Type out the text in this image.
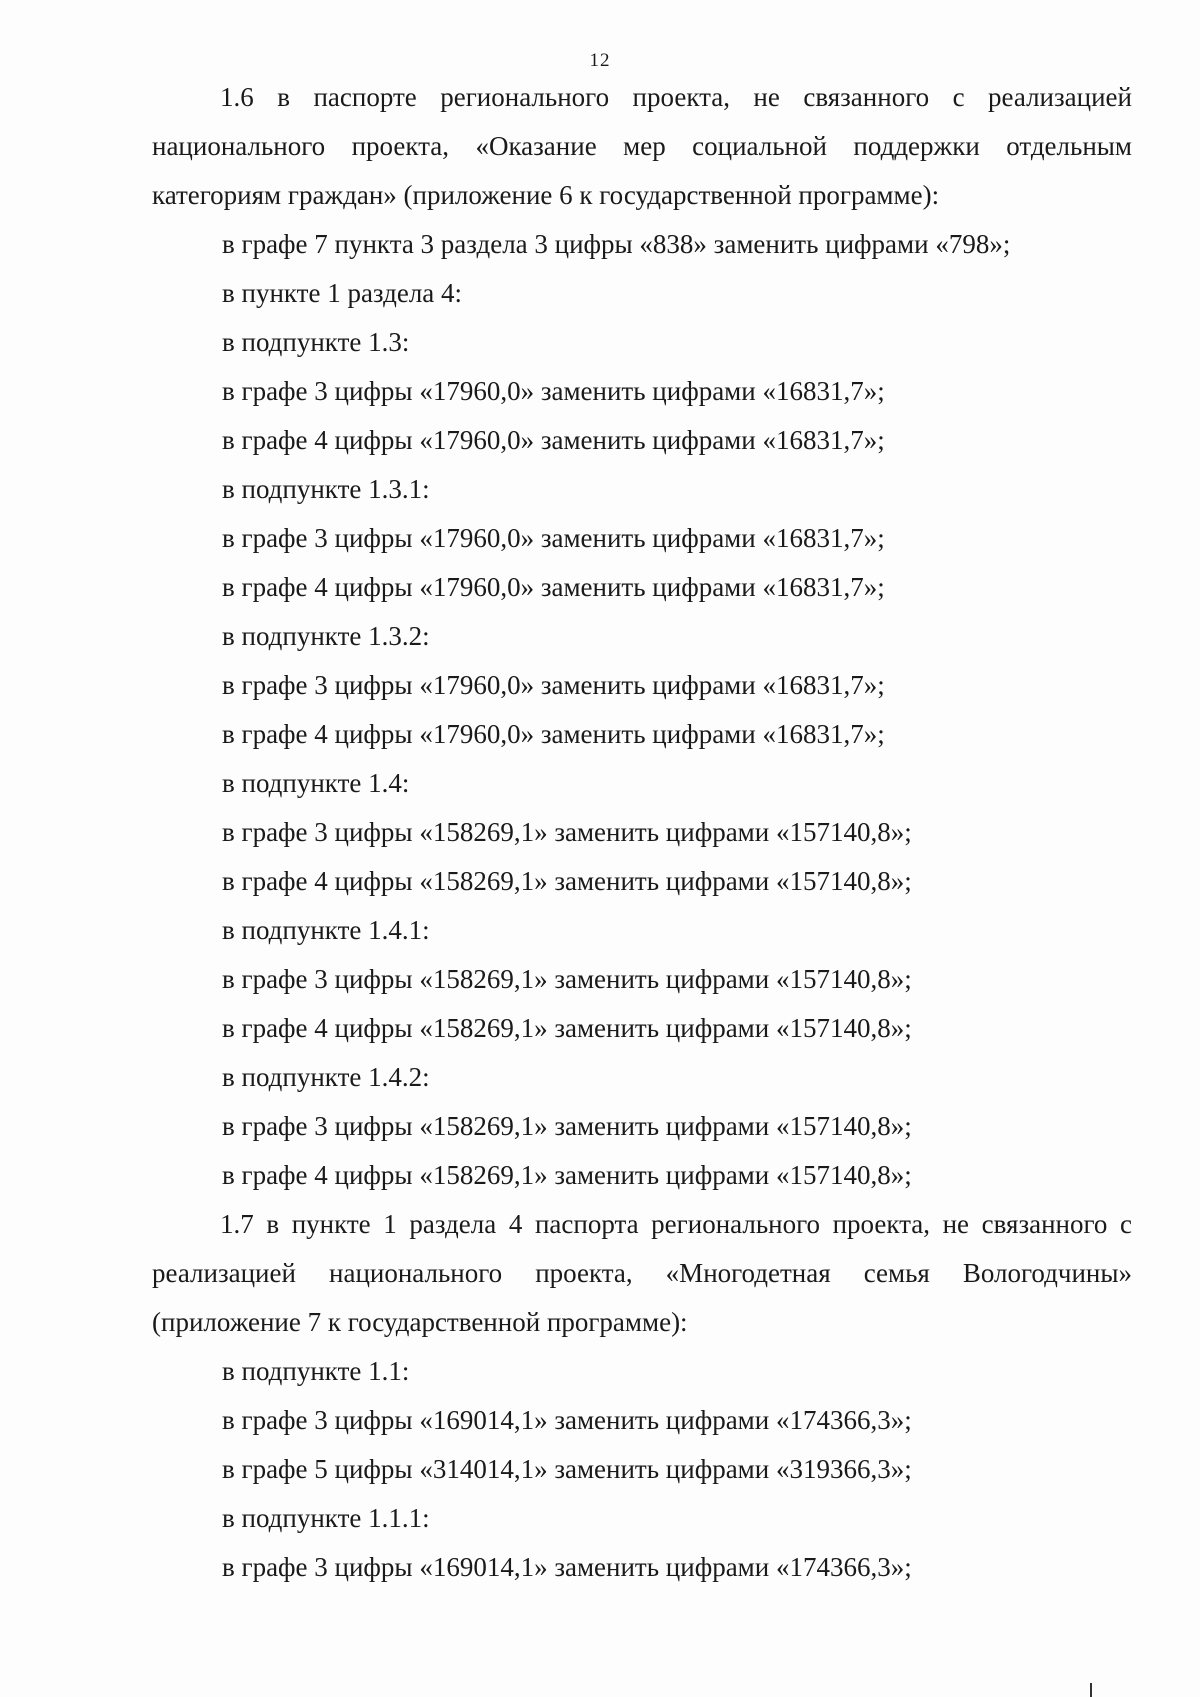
12

1.6 в паспорте регионального проекта, не связанного с реализацией национального проекта, «Оказание мер социальной поддержки отдельным категориям граждан» (приложение 6 к государственной программе):

в графе 7 пункта 3 раздела 3 цифры «838» заменить цифрами «798»;

в пункте 1 раздела 4:

в подпункте 1.3:

в графе 3 цифры «17960,0» заменить цифрами «16831,7»;

в графе 4 цифры «17960,0» заменить цифрами «16831,7»;

в подпункте 1.3.1:

в графе 3 цифры «17960,0» заменить цифрами «16831,7»;

в графе 4 цифры «17960,0» заменить цифрами «16831,7»;

в подпункте 1.3.2:

в графе 3 цифры «17960,0» заменить цифрами «16831,7»;

в графе 4 цифры «17960,0» заменить цифрами «16831,7»;

в подпункте 1.4:

в графе 3 цифры «158269,1» заменить цифрами «157140,8»;

в графе 4 цифры «158269,1» заменить цифрами «157140,8»;

в подпункте 1.4.1:

в графе 3 цифры «158269,1» заменить цифрами «157140,8»;

в графе 4 цифры «158269,1» заменить цифрами «157140,8»;

в подпункте 1.4.2:

в графе 3 цифры «158269,1» заменить цифрами «157140,8»;

в графе 4 цифры «158269,1» заменить цифрами «157140,8»;

1.7 в пункте 1 раздела 4 паспорта регионального проекта, не связанного с реализацией национального проекта, «Многодетная семья Вологодчины» (приложение 7 к государственной программе):

в подпункте 1.1:

в графе 3 цифры «169014,1» заменить цифрами «174366,3»;

в графе 5 цифры «314014,1» заменить цифрами «319366,3»;

в подпункте 1.1.1:

в графе 3 цифры «169014,1» заменить цифрами «174366,3»;
